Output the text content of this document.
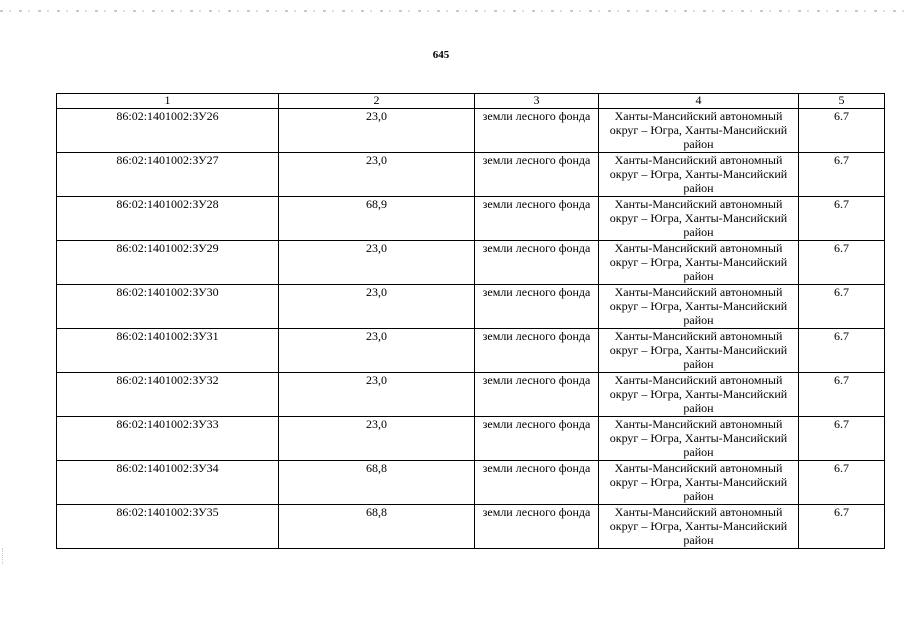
645
1	2	3	4	5
86:02:1401002:ЗУ26	23,0	земли лесного фонда	Ханты-Мансийский автономный округ – Югра, Ханты-Мансийский район	6.7
86:02:1401002:ЗУ27	23,0	земли лесного фонда	Ханты-Мансийский автономный округ – Югра, Ханты-Мансийский район	6.7
86:02:1401002:ЗУ28	68,9	земли лесного фонда	Ханты-Мансийский автономный округ – Югра, Ханты-Мансийский район	6.7
86:02:1401002:ЗУ29	23,0	земли лесного фонда	Ханты-Мансийский автономный округ – Югра, Ханты-Мансийский район	6.7
86:02:1401002:ЗУ30	23,0	земли лесного фонда	Ханты-Мансийский автономный округ – Югра, Ханты-Мансийский район	6.7
86:02:1401002:ЗУ31	23,0	земли лесного фонда	Ханты-Мансийский автономный округ – Югра, Ханты-Мансийский район	6.7
86:02:1401002:ЗУ32	23,0	земли лесного фонда	Ханты-Мансийский автономный округ – Югра, Ханты-Мансийский район	6.7
86:02:1401002:ЗУ33	23,0	земли лесного фонда	Ханты-Мансийский автономный округ – Югра, Ханты-Мансийский район	6.7
86:02:1401002:ЗУ34	68,8	земли лесного фонда	Ханты-Мансийский автономный округ – Югра, Ханты-Мансийский район	6.7
86:02:1401002:ЗУ35	68,8	земли лесного фонда	Ханты-Мансийский автономный округ – Югра, Ханты-Мансийский район	6.7
